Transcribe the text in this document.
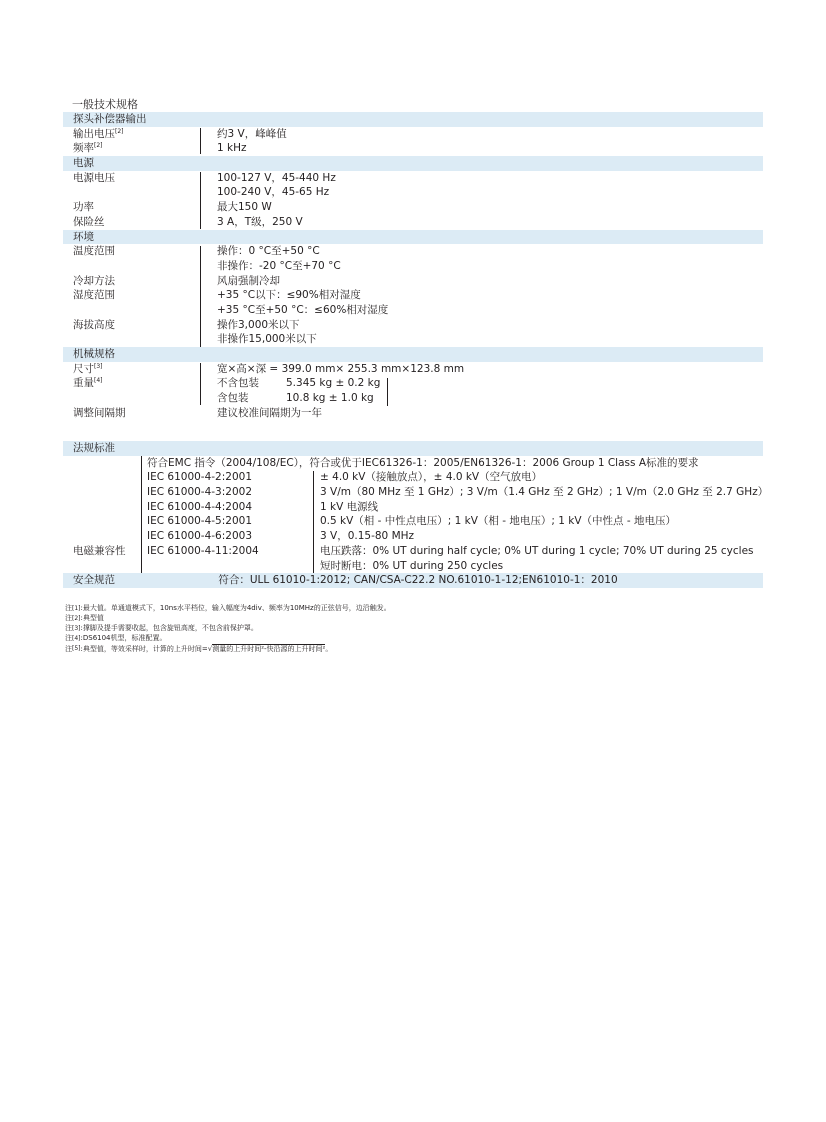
一般技术规格
探头补偿器输出
输出电压[2]	约3 V，峰峰值
频率[2]	1 kHz
电源
电源电压	100-127 V，45-440 Hz
100-240 V，45-65 Hz
功率	最大150 W
保险丝	3 A，T级，250 V
环境
温度范围	操作：0 °C至+50 °C
非操作：-20 °C至+70 °C
冷却方法	风扇强制冷却
湿度范围	+35 °C以下：≤90%相对湿度
+35 °C至+50 °C：≤60%相对湿度
海拔高度	操作3,000米以下
非操作15,000米以下
机械规格
尺寸[3]	宽×高×深 = 399.0 mm× 255.3 mm×123.8 mm
重量[4]	不含包装	5.345 kg ± 0.2 kg
含包装	10.8 kg ± 1.0 kg
调整间隔期	建议校准间隔期为一年
法规标准
符合EMC 指令（2004/108/EC），符合或优于IEC61326-1：2005/EN61326-1：2006 Group 1 Class A标准的要求
IEC 61000-4-2:2001	± 4.0 kV（接触放点），± 4.0 kV（空气放电）
IEC 61000-4-3:2002	3 V/m（80 MHz 至 1 GHz）; 3 V/m（1.4 GHz 至 2 GHz）; 1 V/m（2.0 GHz 至 2.7 GHz）
IEC 61000-4-4:2004	1 kV 电源线
IEC 61000-4-5:2001	0.5 kV（相 - 中性点电压）; 1 kV（相 - 地电压）; 1 kV（中性点 - 地电压）
IEC 61000-4-6:2003	3 V，0.15-80 MHz
电磁兼容性 IEC 61000-4-11:2004	电压跌落：0% UT during half cycle; 0% UT during 1 cycle; 70% UT during 25 cycles
短时断电：0% UT during 250 cycles
安全规范	符合：ULL 61010-1:2012; CAN/CSA-C22.2 NO.61010-1-12;EN61010-1：2010
注[1]:最大值。单通道模式下，10ns水平档位，输入幅度为4div、频率为10MHz的正弦信号，边沿触发。
注[2]:典型值
注[3]:撑脚及提手需要收起，包含旋钮高度，不包含前保护罩。
注[4]:DS6104机型，标准配置。
注[5]:典型值，等效采样时，计算的上升时间=√测量的上升时间²-快沿源的上升时间²。
